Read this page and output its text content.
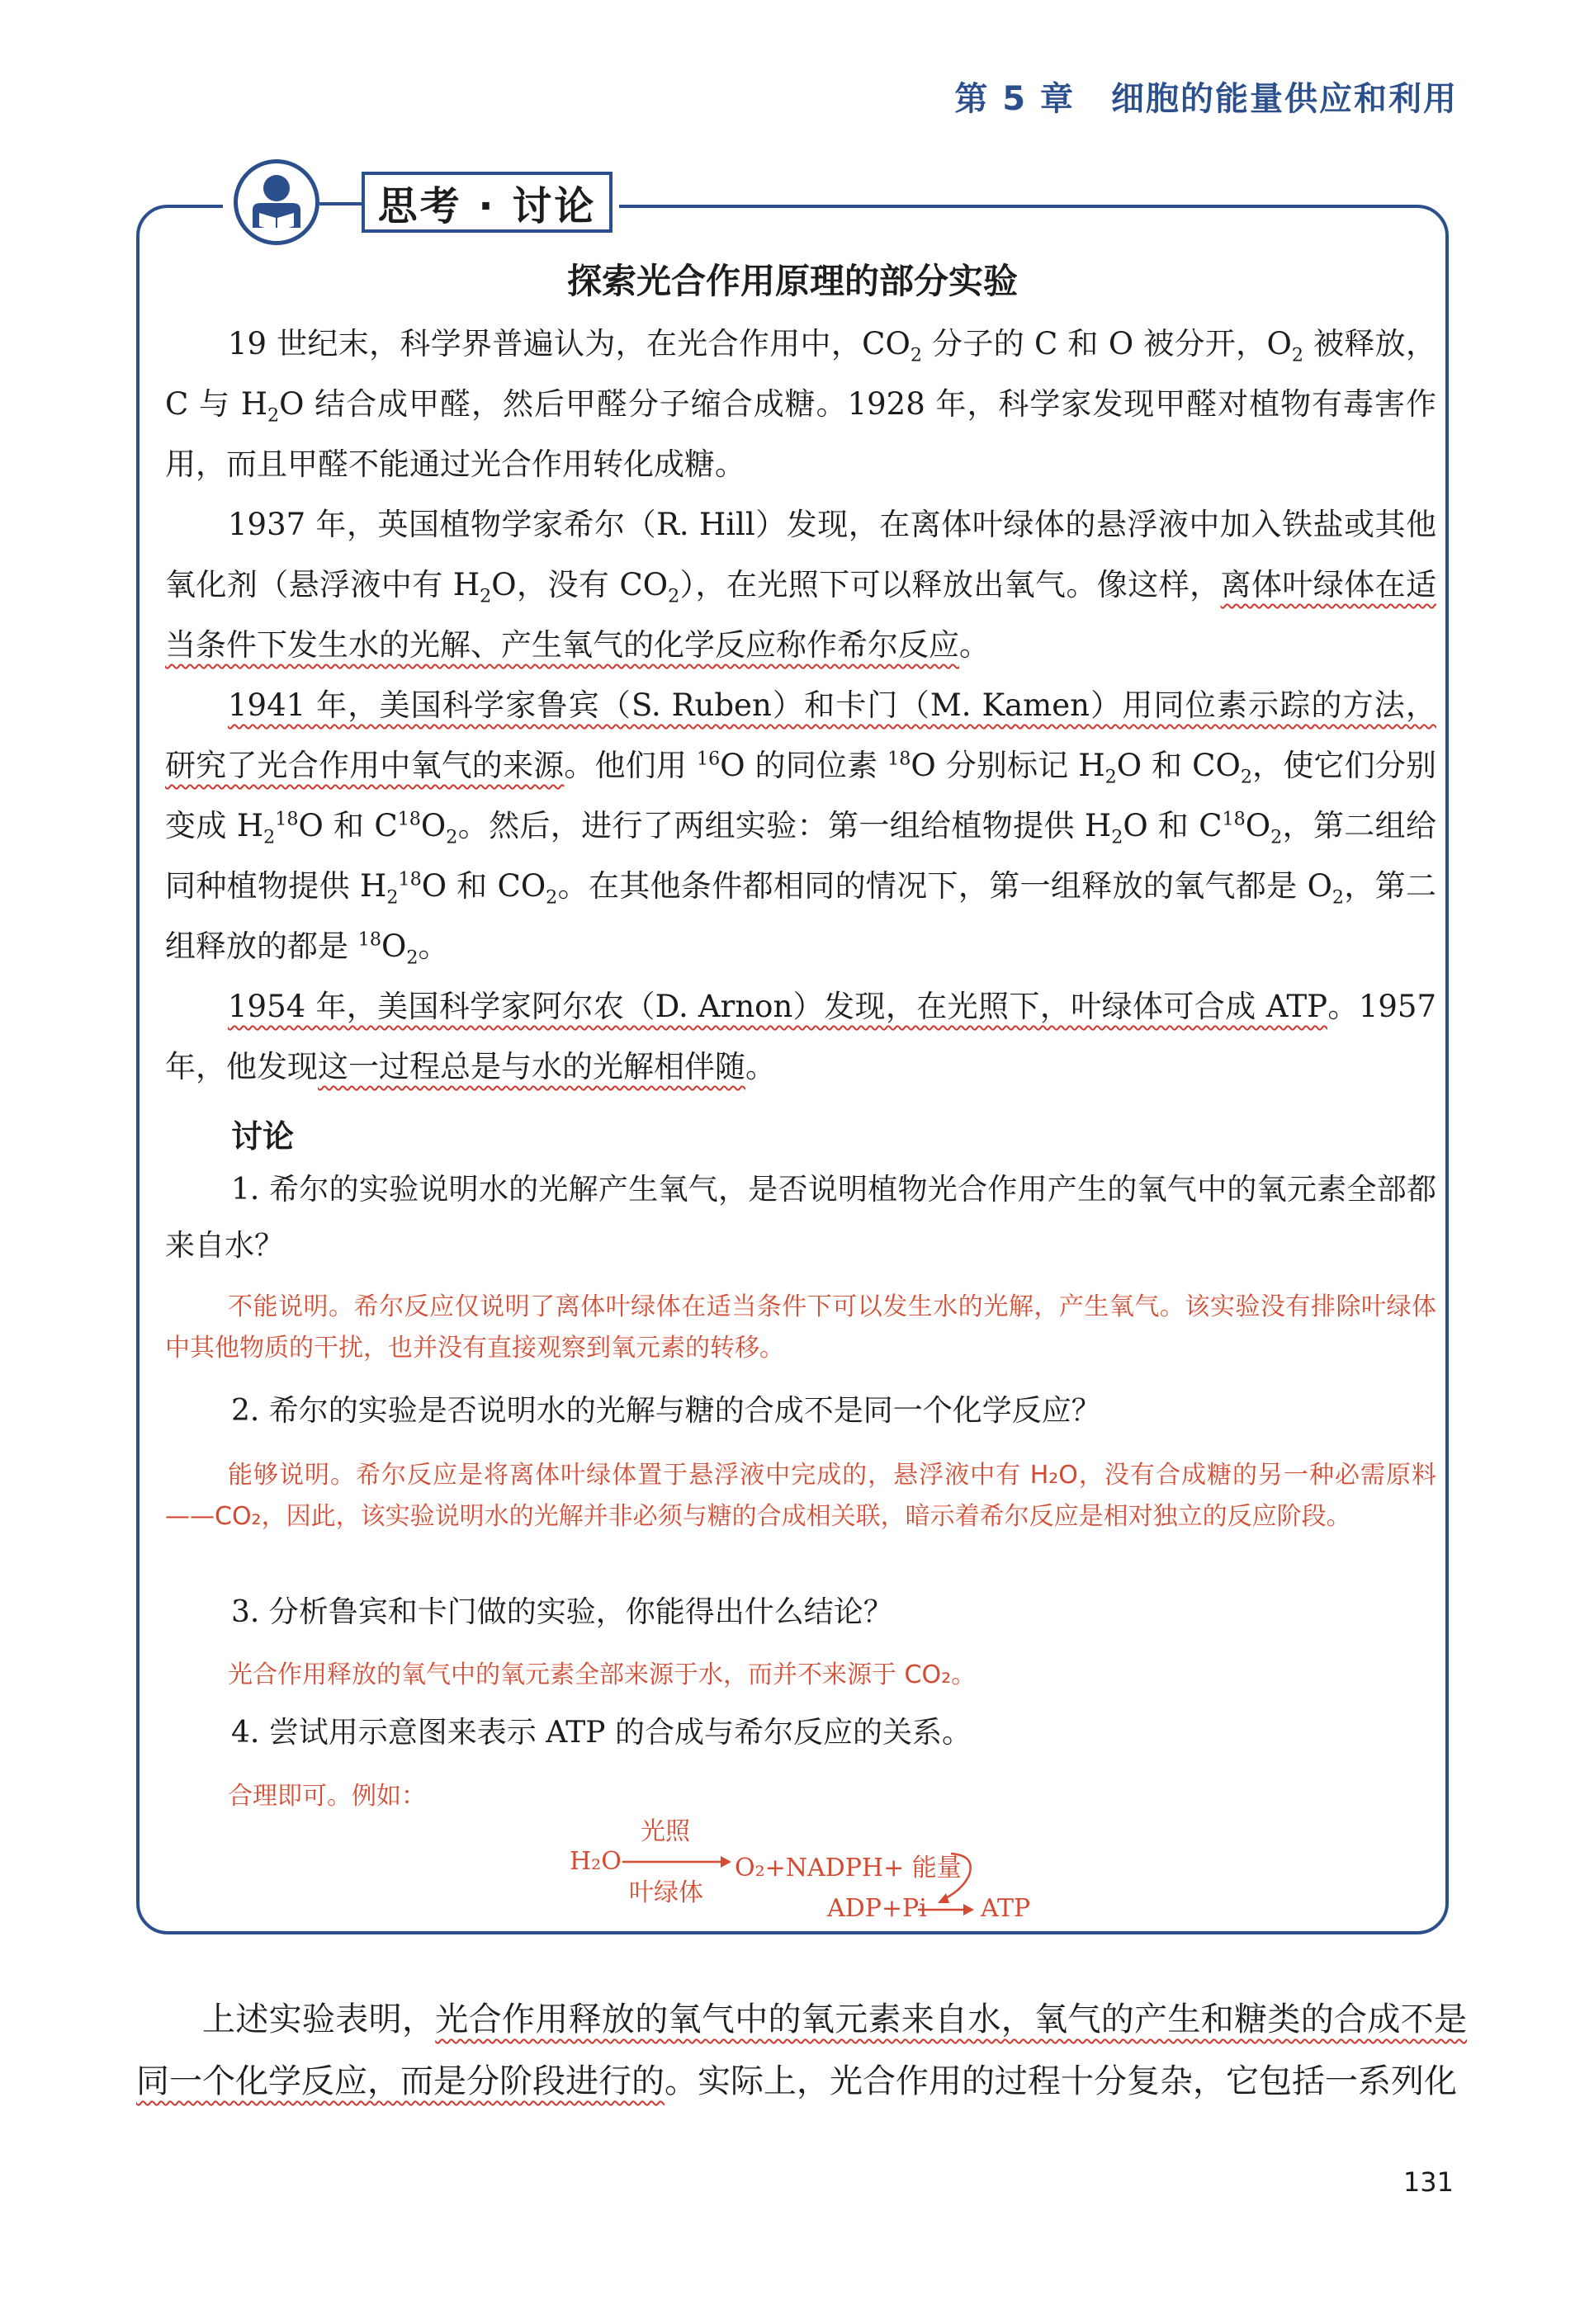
第 5 章 细胞的能量供应和利用
思考 · 讨论
探索光合作用原理的部分实验

19 世纪末，科学界普遍认为，在光合作用中，$CO_2$ 分子的 C 和 O 被分开，$O_2$ 被释放，C 与 $H_2O$ 结合成甲醛，然后甲醛分子缩合成糖。1928 年，科学家发现甲醛对植物有毒害作用，而且甲醛不能通过光合作用转化成糖。

1937 年，英国植物学家希尔（R. Hill）发现，在离体叶绿体的悬浮液中加入铁盐或其他氧化剂（悬浮液中有 $H_2O$，没有 $CO_2$），在光照下可以释放出氧气。像这样，离体叶绿体在适当条件下发生水的光解、产生氧气的化学反应称作希尔反应。

1941 年，美国科学家鲁宾（S. Ruben）和卡门（M. Kamen）用同位素示踪的方法，研究了光合作用中氧气的来源。他们用 $^{16}$O 的同位素 $^{18}$O 分别标记 $H_2O$ 和 $CO_2$，使它们分别变成 $H_2^{18}O$ 和 $C^{18}O_2$。然后，进行了两组实验：第一组给植物提供 $H_2O$ 和 $C^{18}O_2$，第二组给同种植物提供 $H_2^{18}O$ 和 $CO_2$。在其他条件都相同的情况下，第一组释放的氧气都是 $O_2$，第二组释放的都是 $^{18}O_2$。

1954 年，美国科学家阿尔农（D. Arnon）发现，在光照下，叶绿体可合成 ATP。1957 年，他发现这一过程总是与水的光解相伴随。

讨论
1. 希尔的实验说明水的光解产生氧气，是否说明植物光合作用产生的氧气中的氧元素全部都来自水？
不能说明。希尔反应仅说明了离体叶绿体在适当条件下可以发生水的光解，产生氧气。该实验没有排除叶绿体中其他物质的干扰，也并没有直接观察到氧元素的转移。
2. 希尔的实验是否说明水的光解与糖的合成不是同一个化学反应？
能够说明。希尔反应是将离体叶绿体置于悬浮液中完成的，悬浮液中有 H₂O，没有合成糖的另一种必需原料——CO₂，因此，该实验说明水的光解并非必须与糖的合成相关联，暗示着希尔反应是相对独立的反应阶段。
3. 分析鲁宾和卡门做的实验，你能得出什么结论？
光合作用释放的氧气中的氧元素全部来源于水，而并不来源于 CO₂。
4. 尝试用示意图来表示 ATP 的合成与希尔反应的关系。
合理即可。例如：
H₂O
光照
叶绿体
O₂+NADPH+ 能量
ADP+Pi ATP

上述实验表明，光合作用释放的氧气中的氧元素来自水，氧气的产生和糖类的合成不是同一个化学反应，而是分阶段进行的。实际上，光合作用的过程十分复杂，它包括一系列化

131
